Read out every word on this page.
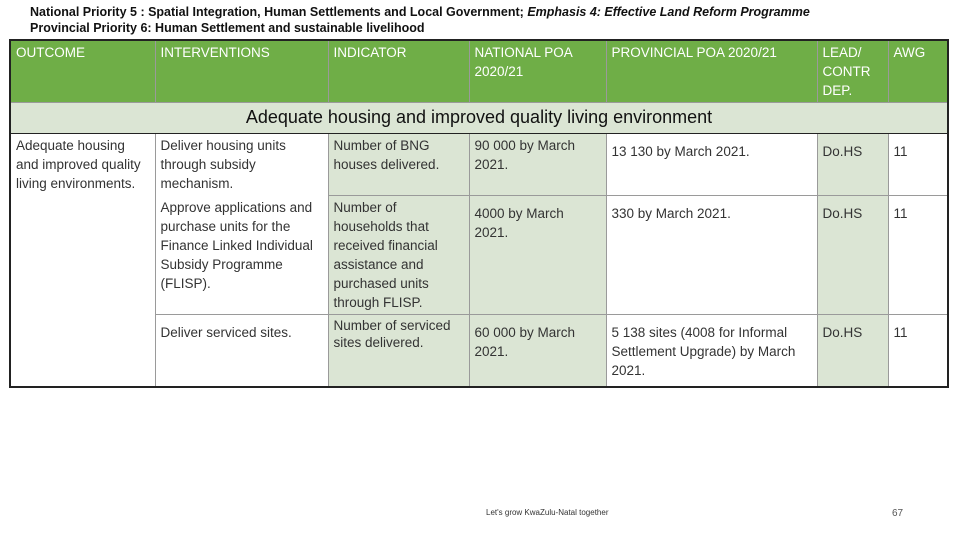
National Priority 5 : Spatial Integration, Human Settlements and Local Government; Emphasis 4: Effective Land Reform Programme
Provincial Priority 6: Human Settlement and sustainable livelihood
OUTCOME	INTERVENTIONS	INDICATOR	NATIONAL POA 2020/21	PROVINCIAL POA 2020/21	LEAD/ CONTR DEP.	AWG
Adequate housing and improved quality living environment						
Adequate housing and improved quality living environments.	Deliver housing units through subsidy mechanism.	Number of BNG houses delivered.	90 000 by March 2021.	13 130 by March 2021.	Do.HS	11
	Approve applications and purchase units for the Finance Linked Individual Subsidy Programme (FLISP).	Number of households that received financial assistance and purchased units through FLISP.	4000 by March 2021.	330 by March 2021.	Do.HS	11
	Deliver serviced sites.	Number of serviced sites delivered.	60 000 by March 2021.	5 138 sites (4008 for Informal Settlement Upgrade) by March 2021.	Do.HS	11
Let's grow KwaZulu-Natal together	67
